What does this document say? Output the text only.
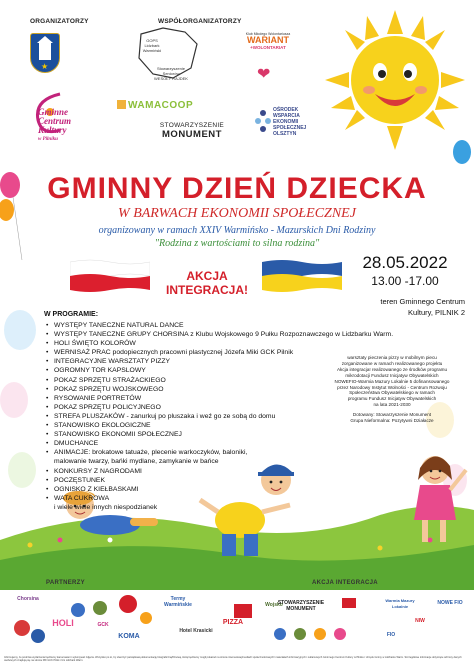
ORGANIZATORZY	WSPÓŁORGANIZATORZY
★
GOPS
Lidzbark
Warmiński
Stowarzyszenie Seniorów
WESOŁY RAJDEK
Klub Młodego Wolontariusza
WARIANT
+WOLONTARIAT
❤
Gminne
Centrum
Kultury
w Pilniku
WAMACOOP
STOWARZYSZENIE
MONUMENT
OŚRODEK
WSPARCIA
EKONOMII
SPOŁECZNEJ
OLSZTYN
GMINNY DZIEŃ DZIECKA
W BARWACH EKONOMII SPOŁECZNEJ
organizowany w ramach XXIV Warmińsko - Mazurskich Dni Rodziny
"Rodzina z wartościami to silna rodzina"
AKCJA INTEGRACJA!
28.05.2022
13.00 -17.00
teren Gminnego Centrum
Kultury, PILNIK 2
W PROGRAMIE:
• WYSTĘPY TANECZNE NATURAL DANCE
• WYSTĘPY TANECZNE GRUPY CHORSINA z Klubu Wojskowego 9 Pułku Rozpoznawczego w Lidzbarku Warm.
• HOLI ŚWIĘTO KOLORÓW
• WERNISAŻ PRAC podopiecznych pracowni plastycznej Józefa Miki GCK Pilnik
• INTEGRACYJNE WARSZTATY PIZZY
• OGROMNY TOR KAPSLOWY
• POKAZ SPRZĘTU STRAŻACKIEGO
• POKAZ SPRZĘTU WOJSKOWEGO
• RYSOWANIE PORTRETÓW
• POKAZ SPRZĘTU POLICYJNEGO
• STREFA PLUSZAKÓW - zanurkuj po pluszaka i weź go ze sobą do domu
• STANOWISKO EKOLOGICZNE
• STANOWISKO EKONOMII SPOŁECZNEJ
• DMUCHANCE
• ANIMACJE: brokatowe tatuaże, plecenie warkoczyków, baloniki,
malowanie twarzy, bańki mydlane, zamykanie w bańce
• KONKURSY Z NAGRODAMI
• POCZĘSTUNEK
• OGNISKO Z KIEŁBASKAMI
• WATA CUKROWA
i wiele wiele innych niespodzianek
warsztaty pieczenia pizzy w mobilnym piecu
zorganizowane w ramach realizowanego projektu
Akcja integracja! realizowanego ze środków programu
mikrodotacji Fundusz Inicjatyw Obywatelskich
NOWEFIO-Warmia Mazury Lokalnie 5 dofinansowanego
przez Narodowy Instytut Wolności - Centrum Rozwoju
Społeczeństwa Obywatelskiego w ramach
programu Fundusz Inicjatyw Obywatelskich
na lata 2021-2030
Dotowany: Stowarzyszenie Monument
Grupa Nieformalna: Pozytywni Działacze
PARTNERZY	AKCJA INTEGRACJA
Chorsina
HOLI	GCK
Termy Warmińskie
Hotel Krasicki
KOMA
PIZZA
Wojsko
STOWARZYSZENIE MONUMENT
Warmia Mazury Lokalnie
NOWE FIO
NIW
FIO
Informujemy, że podczas wydarzenia będziemy kamerowani i wykonywać zdjęcia. Wszystko po to, by stworzyć pamiątkową dokumentację fotograficzną/filmową, którą będziemy mogli pokazać na stronie internetowej/mediach społecznościowych/ materiałach informacyjnych i reklamowych Gminnego Centrum Kultury w Pilniku i Urzędu Gminy w Lidzbarku Warm. Szczegółowe informacje dotyczące ochrony danych osobowych znajdują się na stronie FB/ GCK Pilnik i UG Lidzbark Warm.
